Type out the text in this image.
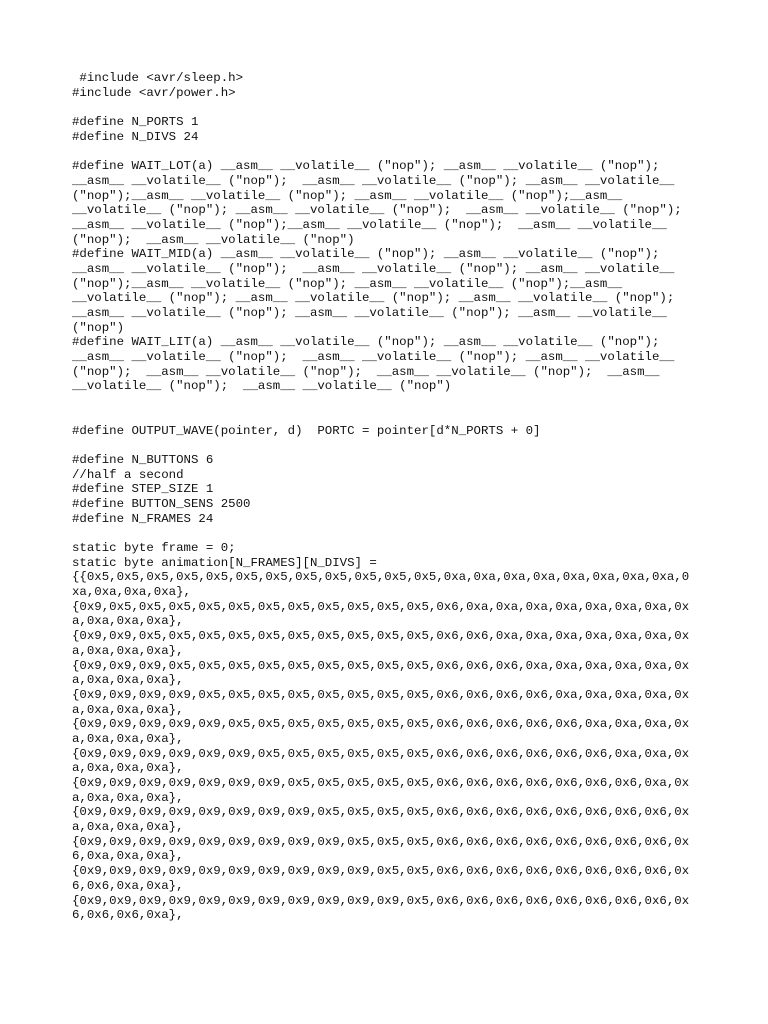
#include <avr/sleep.h>
#include <avr/power.h>
#define N_PORTS 1
#define N_DIVS 24
#define WAIT_LOT(a) __asm__ __volatile__ ("nop"); __asm__ __volatile__ ("nop");
__asm__ __volatile__ ("nop");  __asm__ __volatile__ ("nop"); __asm__ __volatile__
("nop");__asm__ __volatile__ ("nop"); __asm__ __volatile__ ("nop");__asm__
__volatile__ ("nop"); __asm__ __volatile__ ("nop");  __asm__ __volatile__ ("nop");
__asm__ __volatile__ ("nop");__asm__ __volatile__ ("nop");  __asm__ __volatile__
("nop");  __asm__ __volatile__ ("nop")
#define WAIT_MID(a) __asm__ __volatile__ ("nop"); __asm__ __volatile__ ("nop");
__asm__ __volatile__ ("nop");  __asm__ __volatile__ ("nop"); __asm__ __volatile__
("nop");__asm__ __volatile__ ("nop"); __asm__ __volatile__ ("nop");__asm__
__volatile__ ("nop"); __asm__ __volatile__ ("nop"); __asm__ __volatile__ ("nop");
__asm__ __volatile__ ("nop"); __asm__ __volatile__ ("nop"); __asm__ __volatile__
("nop")
#define WAIT_LIT(a) __asm__ __volatile__ ("nop"); __asm__ __volatile__ ("nop");
__asm__ __volatile__ ("nop");  __asm__ __volatile__ ("nop"); __asm__ __volatile__
("nop");  __asm__ __volatile__ ("nop");  __asm__ __volatile__ ("nop");  __asm__
__volatile__ ("nop");  __asm__ __volatile__ ("nop")
#define OUTPUT_WAVE(pointer, d)  PORTC = pointer[d*N_PORTS + 0]
#define N_BUTTONS 6
//half a second
#define STEP_SIZE 1
#define BUTTON_SENS 2500
#define N_FRAMES 24
static byte frame = 0;
static byte animation[N_FRAMES][N_DIVS] =
{{0x5,0x5,0x5,0x5,0x5,0x5,0x5,0x5,0x5,0x5,0x5,0x5,0xa,0xa,0xa,0xa,0xa,0xa,0xa,0xa,0
xa,0xa,0xa,0xa},
{0x9,0x5,0x5,0x5,0x5,0x5,0x5,0x5,0x5,0x5,0x5,0x5,0x6,0xa,0xa,0xa,0xa,0xa,0xa,0xa,0x
a,0xa,0xa,0xa},
{0x9,0x9,0x5,0x5,0x5,0x5,0x5,0x5,0x5,0x5,0x5,0x5,0x6,0x6,0xa,0xa,0xa,0xa,0xa,0xa,0x
a,0xa,0xa,0xa},
{0x9,0x9,0x9,0x5,0x5,0x5,0x5,0x5,0x5,0x5,0x5,0x5,0x6,0x6,0x6,0xa,0xa,0xa,0xa,0xa,0x
a,0xa,0xa,0xa},
{0x9,0x9,0x9,0x9,0x5,0x5,0x5,0x5,0x5,0x5,0x5,0x5,0x6,0x6,0x6,0x6,0xa,0xa,0xa,0xa,0x
a,0xa,0xa,0xa},
{0x9,0x9,0x9,0x9,0x9,0x5,0x5,0x5,0x5,0x5,0x5,0x5,0x6,0x6,0x6,0x6,0x6,0xa,0xa,0xa,0x
a,0xa,0xa,0xa},
{0x9,0x9,0x9,0x9,0x9,0x9,0x5,0x5,0x5,0x5,0x5,0x5,0x6,0x6,0x6,0x6,0x6,0x6,0xa,0xa,0x
a,0xa,0xa,0xa},
{0x9,0x9,0x9,0x9,0x9,0x9,0x9,0x5,0x5,0x5,0x5,0x5,0x6,0x6,0x6,0x6,0x6,0x6,0x6,0xa,0x
a,0xa,0xa,0xa},
{0x9,0x9,0x9,0x9,0x9,0x9,0x9,0x9,0x5,0x5,0x5,0x5,0x6,0x6,0x6,0x6,0x6,0x6,0x6,0x6,0x
a,0xa,0xa,0xa},
{0x9,0x9,0x9,0x9,0x9,0x9,0x9,0x9,0x9,0x5,0x5,0x5,0x6,0x6,0x6,0x6,0x6,0x6,0x6,0x6,0x
6,0xa,0xa,0xa},
{0x9,0x9,0x9,0x9,0x9,0x9,0x9,0x9,0x9,0x9,0x5,0x5,0x6,0x6,0x6,0x6,0x6,0x6,0x6,0x6,0x
6,0x6,0xa,0xa},
{0x9,0x9,0x9,0x9,0x9,0x9,0x9,0x9,0x9,0x9,0x9,0x5,0x6,0x6,0x6,0x6,0x6,0x6,0x6,0x6,0x
6,0x6,0x6,0xa},
